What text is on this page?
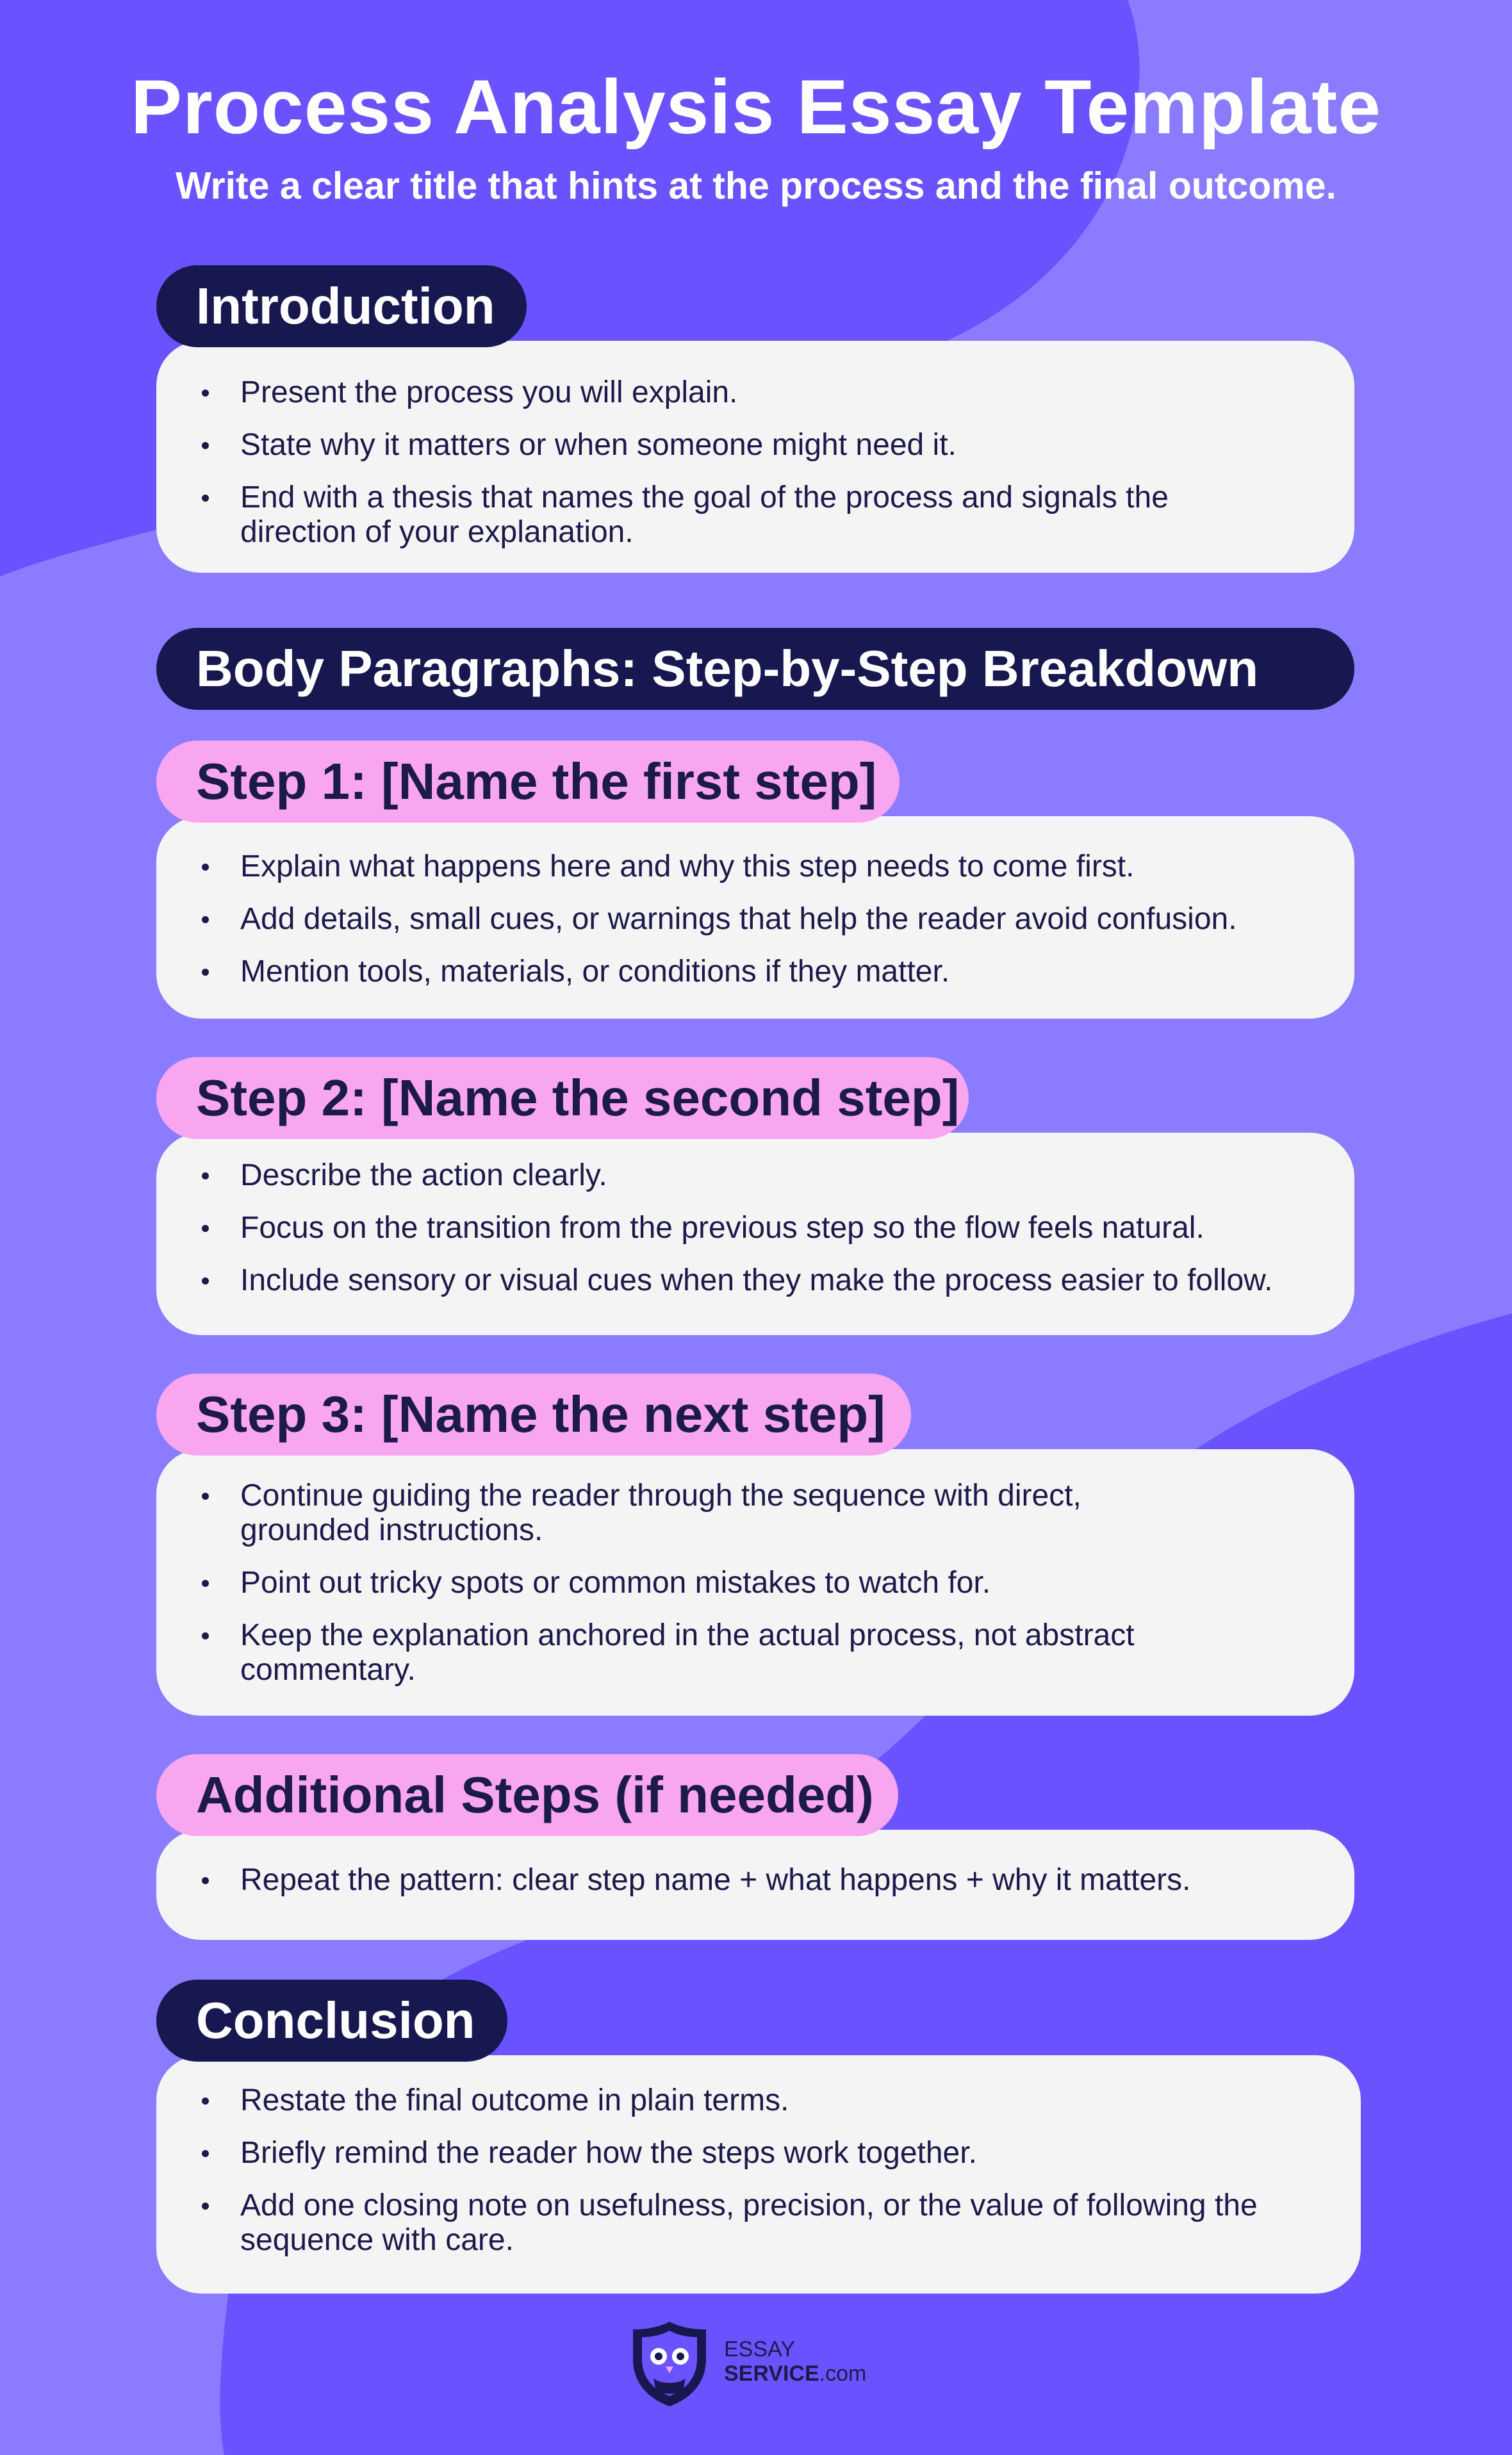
Process Analysis Essay Template
Write a clear title that hints at the process and the final outcome.
Introduction
Present the process you will explain.
State why it matters or when someone might need it.
End with a thesis that names the goal of the process and signals the direction of your explanation.
Body Paragraphs: Step-by-Step Breakdown
Step 1: [Name the first step]
Explain what happens here and why this step needs to come first.
Add details, small cues, or warnings that help the reader avoid confusion.
Mention tools, materials, or conditions if they matter.
Step 2: [Name the second step]
Describe the action clearly.
Focus on the transition from the previous step so the flow feels natural.
Include sensory or visual cues when they make the process easier to follow.
Step 3: [Name the next step]
Continue guiding the reader through the sequence with direct, grounded instructions.
Point out tricky spots or common mistakes to watch for.
Keep the explanation anchored in the actual process, not abstract commentary.
Additional Steps (if needed)
Repeat the pattern: clear step name + what happens + why it matters.
Conclusion
Restate the final outcome in plain terms.
Briefly remind the reader how the steps work together.
Add one closing note on usefulness, precision, or the value of following the sequence with care.
ESSAY
SERVICE.com
